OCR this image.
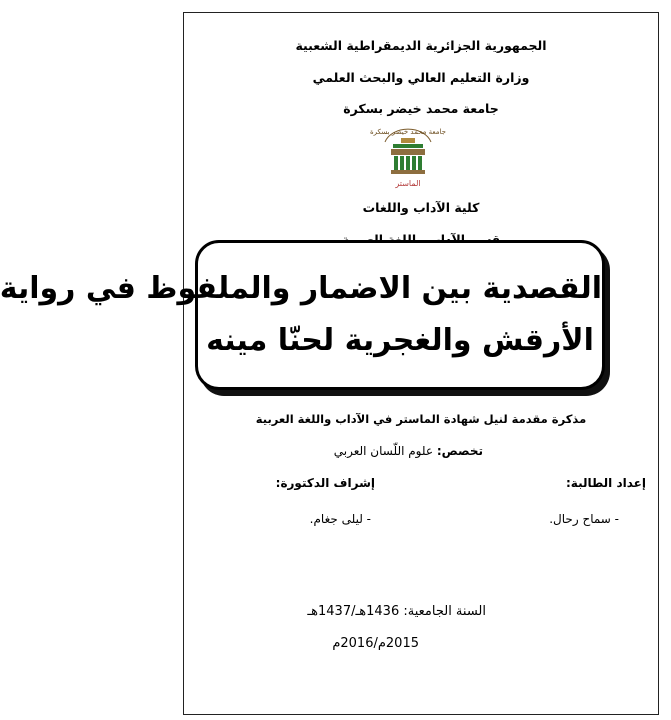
الجمهورية الجزائرية الديمقراطية الشعبية
وزارة التعليم العالي والبحث العلمي
جامعة محمد خيضر بسكرة
جامعة محمد خيضر بسكرة
الماستر
كلية الآداب واللغات
القصدية بين الاضمار والملفوظ في رواية
الأرقش والغجرية لحنّا مينه
مذكرة مقدمة لنيل شهادة الماستر في الآداب واللغة العربية
تخصص: علوم اللّسان العربي
إعداد الطالبة:
إشراف الدكتورة:
- سماح رحال.
- ليلى جغام.
السنة الجامعية: 1436هـ/1437هـ
2015م/2016م
